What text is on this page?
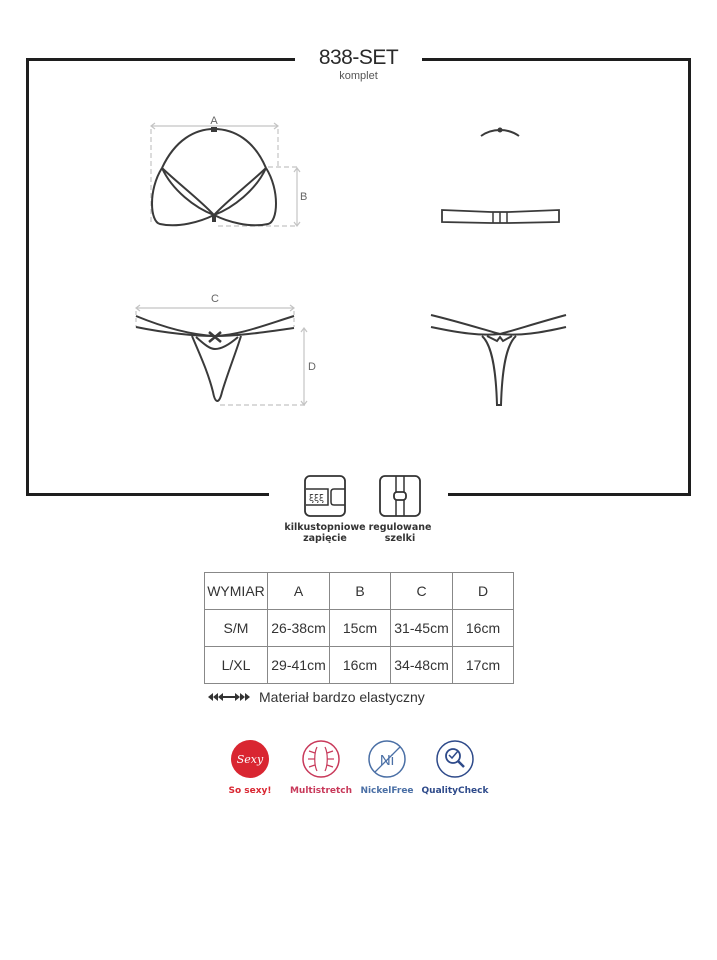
838-SET
komplet
A
B
C
D
ξξξ
kilkustopniowe
zapięcie
regulowane
szelki
WYMIAR	A	B	C	D
S/M	26-38cm	15cm	31-45cm	16cm
L/XL	29-41cm	16cm	34-48cm	17cm
Materiał bardzo elastyczny
Sexy	Ni
So sexy!	Multistretch NickelFree QualityCheck
